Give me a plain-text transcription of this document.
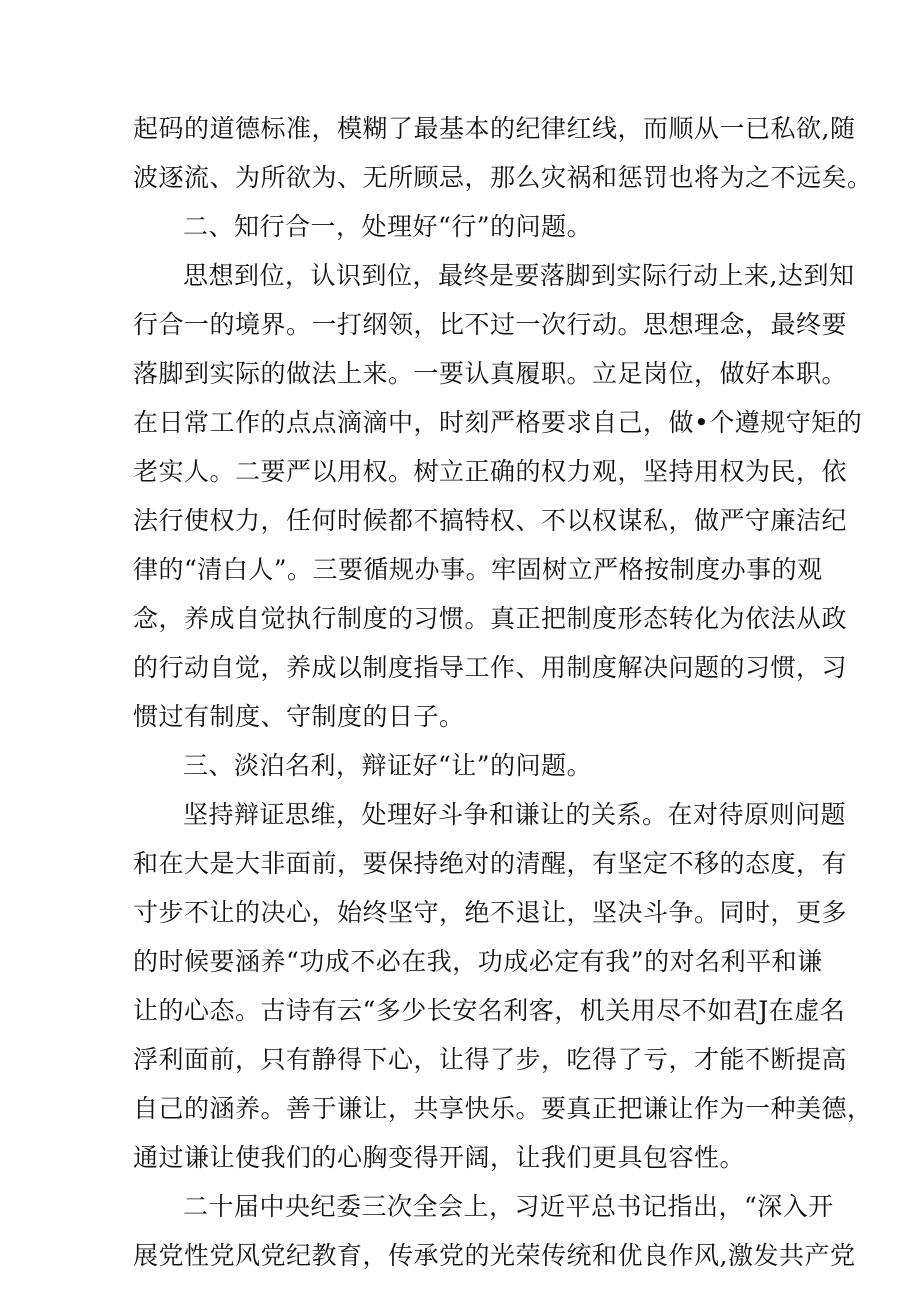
起码的道德标准，模糊了最基本的纪律红线，而顺从一已私欲,随
波逐流、为所欲为、无所顾忌，那么灾祸和惩罚也将为之不远矣。
二、知行合一，处理好“行”的问题。
思想到位，认识到位，最终是要落脚到实际行动上来,达到知
行合一的境界。一打纲领，比不过一次行动。思想理念，最终要
落脚到实际的做法上来。一要认真履职。立足岗位，做好本职。
在日常工作的点点滴滴中，时刻严格要求自己，做•个遵规守矩的
老实人。二要严以用权。树立正确的权力观，坚持用权为民，依
法行使权力，任何时候都不搞特权、不以权谋私，做严守廉洁纪
律的“清白人”。三要循规办事。牢固树立严格按制度办事的观
念，养成自觉执行制度的习惯。真正把制度形态转化为依法从政
的行动自觉，养成以制度指导工作、用制度解决问题的习惯，习
惯过有制度、守制度的日子。
三、淡泊名利，辩证好“让”的问题。
坚持辩证思维，处理好斗争和谦让的关系。在对待原则问题
和在大是大非面前，要保持绝对的清醒，有坚定不移的态度，有
寸步不让的决心，始终坚守，绝不退让，坚决斗争。同时，更多
的时候要涵养“功成不必在我，功成必定有我”的对名利平和谦
让的心态。古诗有云“多少长安名利客，机关用尽不如君J在虚名
浮利面前，只有静得下心，让得了步，吃得了亏，才能不断提高
自己的涵养。善于谦让，共享快乐。要真正把谦让作为一种美德，
通过谦让使我们的心胸变得开阔，让我们更具包容性。
二十届中央纪委三次全会上，习近平总书记指出，“深入开
展党性党风党纪教育，传承党的光荣传统和优良作风,激发共产党
